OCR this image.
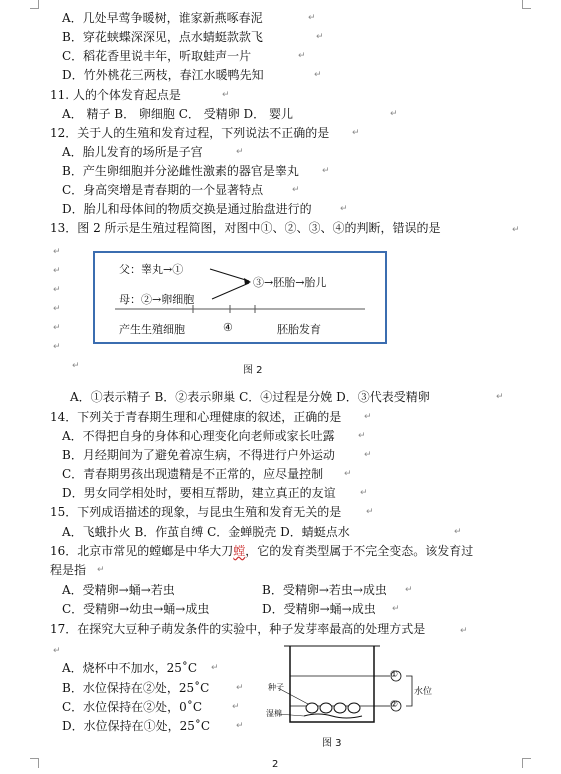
A．几处早莺争暖树，谁家新燕啄春泥	↵
B．穿花蛱蝶深深见，点水蜻蜓款款飞	↵
C．稻花香里说丰年，听取蛙声一片	↵
D．竹外桃花三两枝，春江水暖鸭先知	↵
11. 人的个体发育起点是	↵
A． 精子 B． 卵细胞 C． 受精卵 D． 婴儿	↵
12．关于人的生殖和发育过程，下列说法不正确的是	↵
A．胎儿发育的场所是子宫	↵
B．产生卵细胞并分泌雌性激素的器官是睾丸	↵
C．身高突增是青春期的一个显著特点	↵
D．胎儿和母体间的物质交换是通过胎盘进行的	↵
13．图 2 所示是生殖过程简图，对图中①、②、③、④的判断，错误的是	↵
↵
↵
↵
↵
↵
↵
↵
父：睾丸→①
母：②→卵细胞
③→胚胎→胎儿
产生生殖细胞	④	胚胎发育
图 2
A．①表示精子 B．②表示卵巢 C．④过程是分娩 D．③代表受精卵	↵
14．下列关于青春期生理和心理健康的叙述，正确的是	↵
A．不得把自身的身体和心理变化向老师或家长吐露	↵
B．月经期间为了避免着凉生病，不得进行户外运动	↵
C．青春期男孩出现遗精是不正常的，应尽量控制 ↵
D．男女同学相处时，要相互帮助，建立真正的友谊	↵
15．下列成语描述的现象，与昆虫生殖和发育无关的是	↵
A．飞蛾扑火 B．作茧自缚 C．金蝉脱壳 D．蜻蜓点水	↵
16．北京市常见的螳螂是中华大刀螳，它的发育类型属于不完全变态。该发育过
程是指 ↵
A．受精卵→蛹→若虫	B．受精卵→若虫→成虫 ↵
C．受精卵→幼虫→蛹→成虫	D．受精卵→蛹→成虫 ↵
17．在探究大豆种子萌发条件的实验中，种子发芽率最高的处理方式是	↵
↵
A．烧杯中不加水，25˚C ↵
B．水位保持在②处，25˚C	↵
C．水位保持在②处，0˚C	↵
D．水位保持在①处，25˚C	↵
①
②
水位
种子
湿棉
图 3
2
